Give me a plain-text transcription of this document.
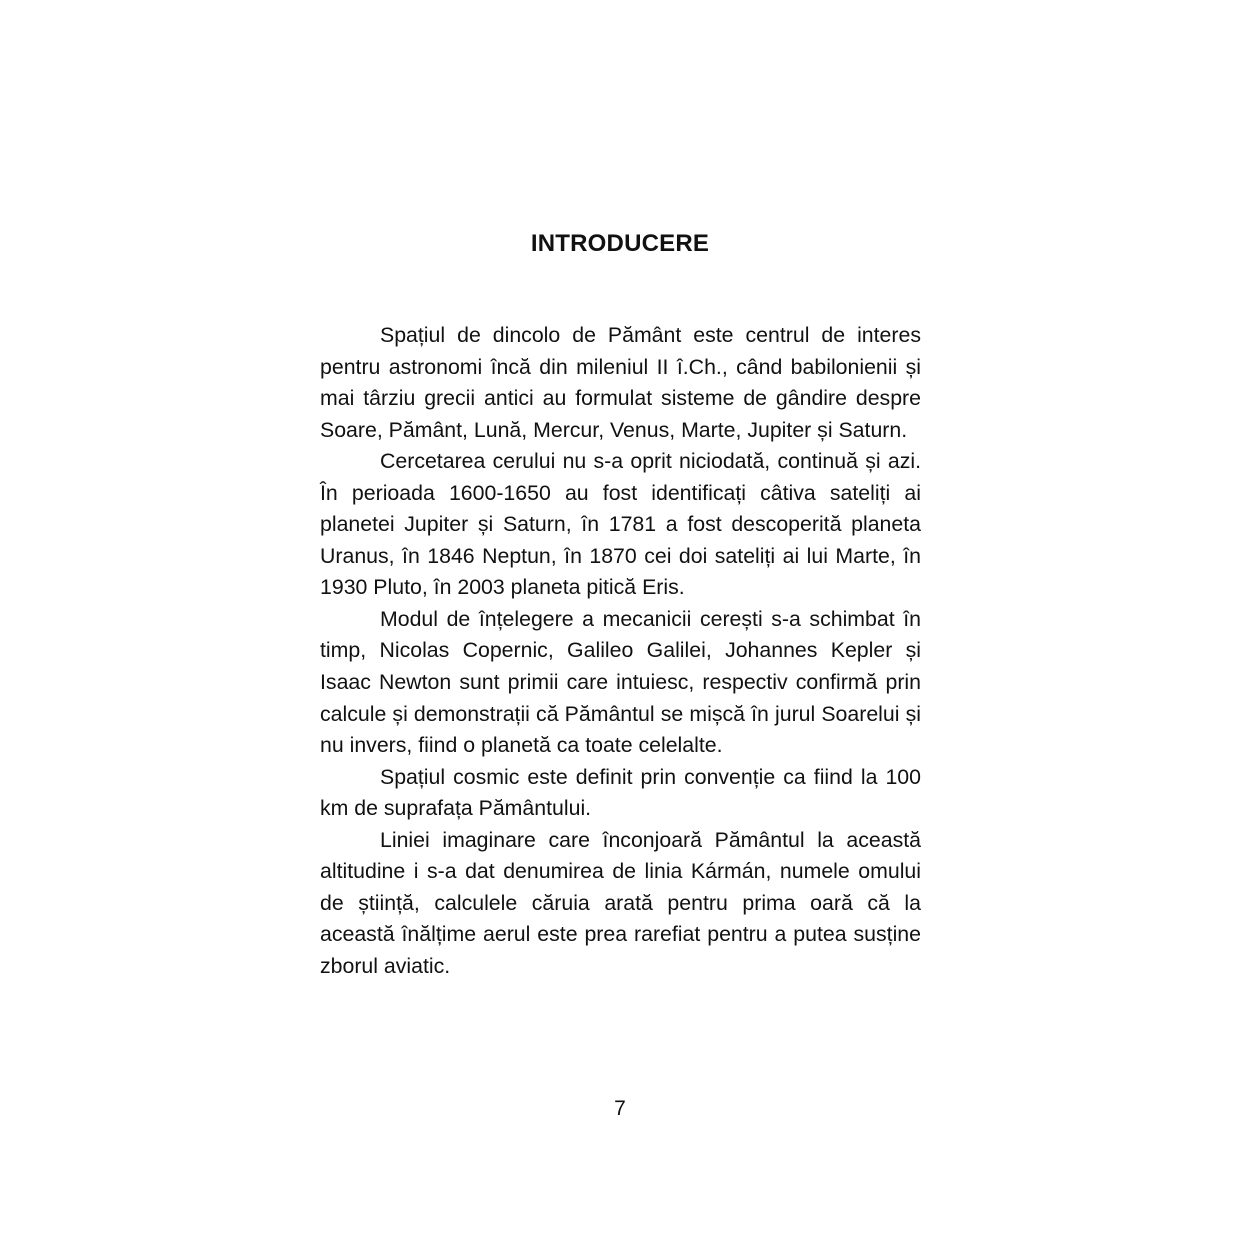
INTRODUCERE

Spațiul de dincolo de Pământ este centrul de interes pentru astronomi încă din mileniul II î.Ch., când babilonienii și mai târziu grecii antici au formulat sisteme de gândire despre Soare, Pământ, Lună, Mercur, Venus, Marte, Jupiter și Saturn.

Cercetarea cerului nu s-a oprit niciodată, continuă și azi. În perioada 1600-1650 au fost identificați câtiva sateliți ai planetei Jupiter și Saturn, în 1781 a fost descoperită planeta Uranus, în 1846 Neptun, în 1870 cei doi sateliți ai lui Marte, în 1930 Pluto, în 2003 planeta pitică Eris.

Modul de înțelegere a mecanicii cerești s-a schimbat în timp, Nicolas Copernic, Galileo Galilei, Johannes Kepler și Isaac Newton sunt primii care intuiesc, respectiv confirmă prin calcule și demonstrații că Pământul se mișcă în jurul Soarelui și nu invers, fiind o planetă ca toate celelalte.

Spațiul cosmic este definit prin convenție ca fiind la 100 km de suprafața Pământului.

Liniei imaginare care înconjoară Pământul la această altitudine i s-a dat denumirea de linia Kármán, numele omului de știință, calculele căruia arată pentru prima oară că la această înălțime aerul este prea rarefiat pentru a putea susține zborul aviatic.

7
